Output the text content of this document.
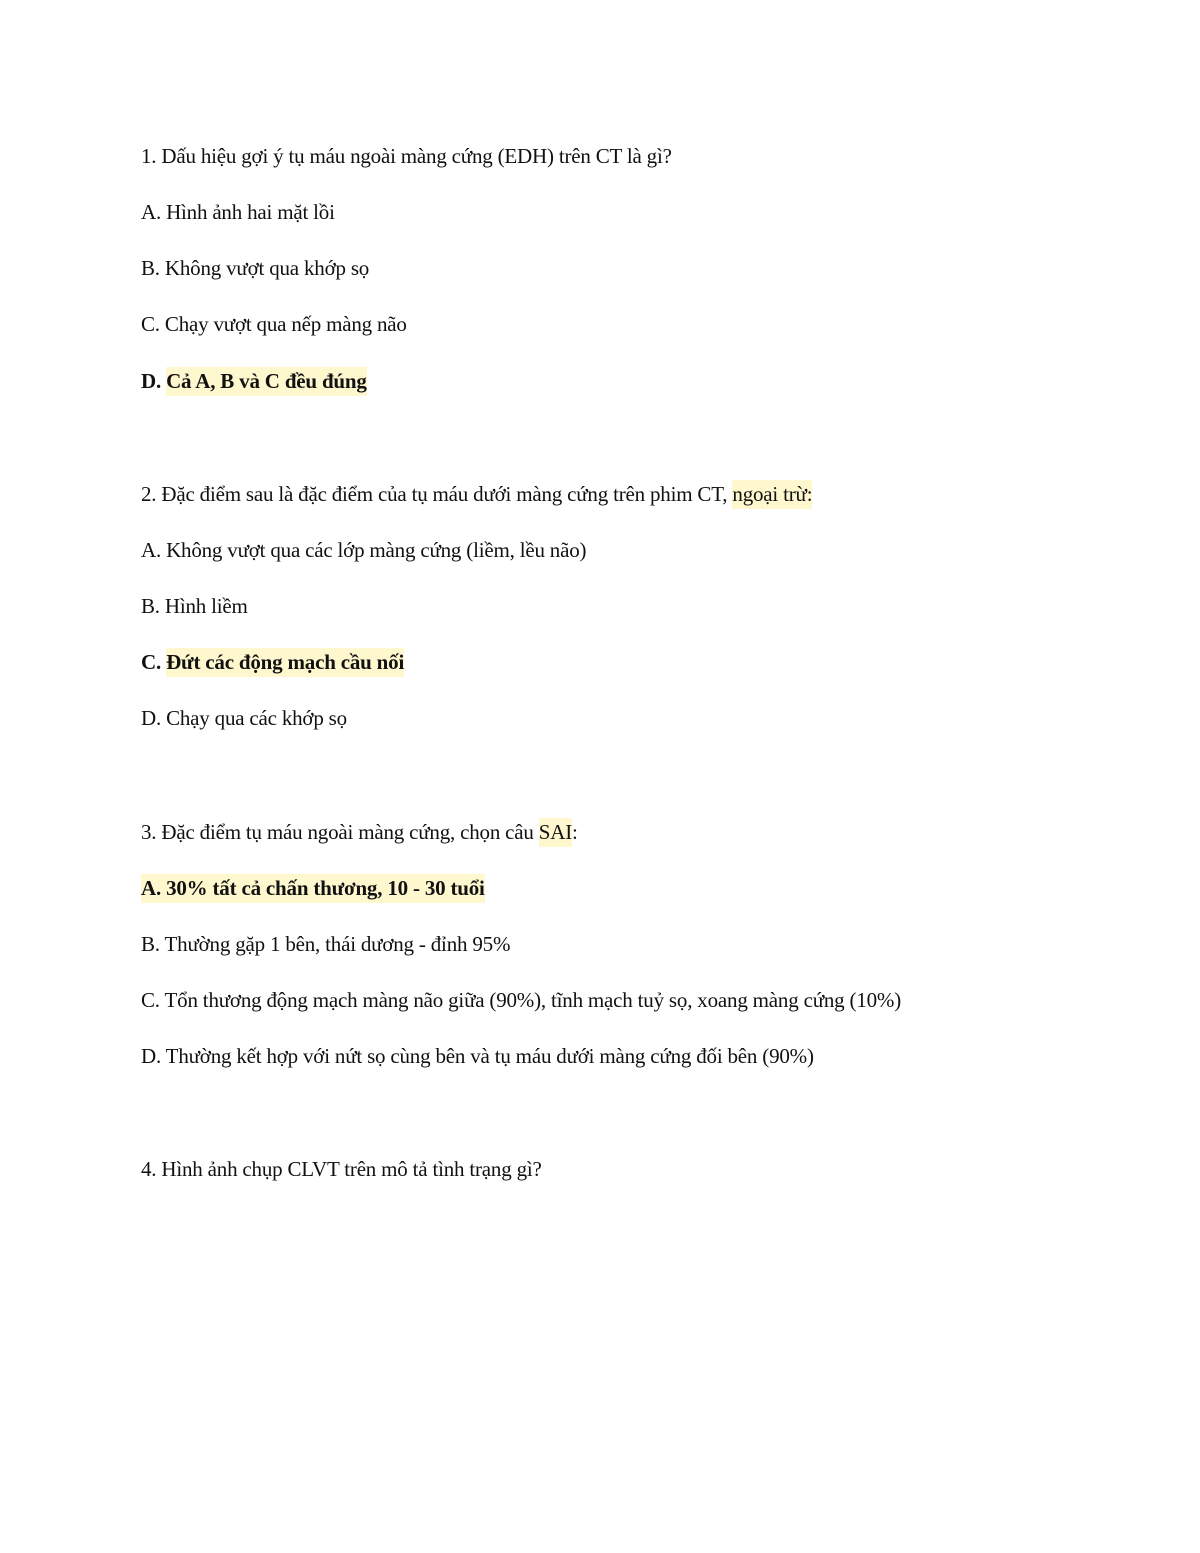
1. Dấu hiệu gợi ý tụ máu ngoài màng cứng (EDH) trên CT là gì?
A. Hình ảnh hai mặt lồi
B. Không vượt qua khớp sọ
C. Chạy vượt qua nếp màng não
D. Cả A, B và C đều đúng
2. Đặc điểm sau là đặc điểm của tụ máu dưới màng cứng trên phim CT, ngoại trừ:
A. Không vượt qua các lớp màng cứng (liềm, lều não)
B. Hình liềm
C. Đứt các động mạch cầu nối
D. Chạy qua các khớp sọ
3. Đặc điểm tụ máu ngoài màng cứng, chọn câu SAI:
A. 30% tất cả chấn thương, 10 - 30 tuổi
B. Thường gặp 1 bên, thái dương - đỉnh 95%
C. Tổn thương động mạch màng não giữa (90%), tĩnh mạch tuỷ sọ, xoang màng cứng (10%)
D. Thường kết hợp với nứt sọ cùng bên và tụ máu dưới màng cứng đối bên (90%)
4. Hình ảnh chụp CLVT trên mô tả tình trạng gì?
